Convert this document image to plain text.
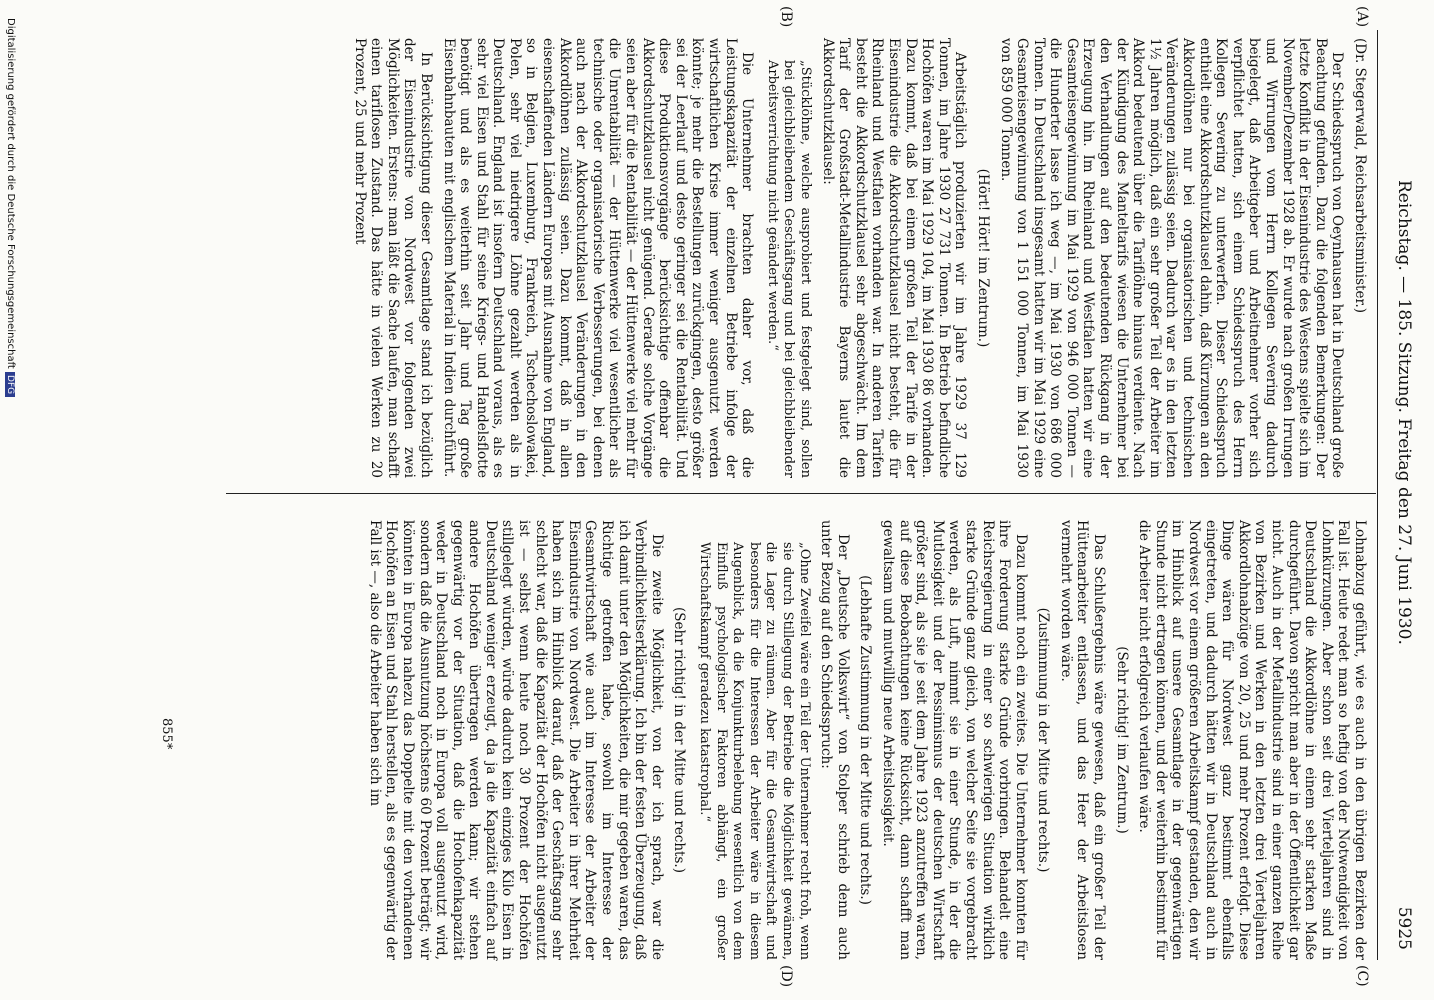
Reichstag. — 185. Sitzung. Freitag den 27. Juni 1930.
5925
(A)
(B)
(C)
(D)

(Dr. Stegerwald, Reichsarbeitsminister.)

Der Schiedsspruch von Oeynhausen hat in Deutschland große Beachtung gefunden. Dazu die folgenden Bemerkungen: Der letzte Konflikt in der Eisenindustrie des Westens spielte sich im November/Dezember 1928 ab. Er wurde nach großen Irrungen und Wirrungen vom Herrn Kollegen Severing dadurch beigelegt, daß Arbeitgeber und Arbeitnehmer vorher sich verpflichtet hatten, sich einem Schiedsspruch des Herrn Kollegen Severing zu unterwerfen. Dieser Schiedsspruch enthielt eine Akkordschutzklausel dahin, daß Kürzungen an den Akkordlöhnen nur bei organisatorischen und technischen Veränderungen zulässig seien. Dadurch war es in den letzten 1½ Jahren möglich, daß ein sehr großer Teil der Arbeiter im Akkord bedeutend über die Tariflöhne hinaus verdiente. Nach der Kündigung des Manteltarifs wiesen die Unternehmer bei den Verhandlungen auf den bedeutenden Rückgang in der Erzeugung hin. Im Rheinland und Westfalen hatten wir eine Gesamteisengewinnung im Mai 1929 von 946 000 Tonnen — die Hunderter lasse ich weg —, im Mai 1930 von 686 000 Tonnen. In Deutschland insgesamt hatten wir im Mai 1929 eine Gesamteisengewinnung von 1 151 000 Tonnen, im Mai 1930 von 859 000 Tonnen.

(Hört! Hört! im Zentrum.)

Arbeitstäglich produzierten wir im Jahre 1929 37 129 Tonnen, im Jahre 1930 27 731 Tonnen. In Betrieb befindliche Hochöfen waren im Mai 1929 104, im Mai 1930 86 vorhanden. Dazu kommt, daß bei einem großen Teil der Tarife in der Eisenindustrie die Akkordschutzklausel nicht besteht, die für Rheinland und Westfalen vorhanden war. In anderen Tarifen besteht die Akkordschutzklausel sehr abgeschwächt. Im dem Tarif der Großstadt-Metallindustrie Bayerns lautet die Akkordschutzklausel:

„Stücklöhne, welche ausprobiert und festgelegt sind, sollen bei gleichbleibendem Geschäftsgang und bei gleichbleibender Arbeitsverrichtung nicht geändert werden.“

Die Unternehmer brachten daher vor, daß die Leistungskapazität der einzelnen Betriebe infolge der wirtschaftlichen Krise immer weniger ausgenutzt werden könnte; je mehr die Bestellungen zurückgingen, desto größer sei der Leerlauf und desto geringer sei die Rentabilität. Und diese Produktionsvorgänge berücksichtige offenbar die Akkordschutzklausel nicht genügend. Gerade solche Vorgänge seien aber für die Rentabilität — der Hüttenwerke viel mehr für die Unrentabilität — der Hüttenwerke viel wesentlicher als technische oder organisatorische Verbesserungen, bei denen auch nach der Akkordschutzklausel Veränderungen in den Akkordlöhnen zulässig seien. Dazu kommt, daß in allen eisenschaffenden Ländern Europas mit Ausnahme von England, so in Belgien, Luxemburg, Frankreich, Tschechoslowakei, Polen, sehr viel niedrigere Löhne gezahlt werden als in Deutschland. England ist insofern Deutschland voraus, als es sehr viel Eisen und Stahl für seine Kriegs- und Handelsflotte benötigt und als es weiterhin seit Jahr und Tag große Eisenbahnbauten mit englischem Material in Indien durchführt.

In Berücksichtigung dieser Gesamtlage stand ich bezüglich der Eisenindustrie von Nordwest vor folgenden zwei Möglichkeiten. Erstens: man läßt die Sache laufen, man schafft einen tariflosen Zustand. Das hätte in vielen Werken zu 20 Prozent, 25 und mehr Prozent

Lohnabzug geführt, wie es auch in den übrigen Bezirken der Fall ist. Heute redet man so heftig von der Notwendigkeit von Lohnkürzungen. Aber schon seit drei Vierteljahren sind in Deutschland die Akkordlöhne in einem sehr starken Maße durchgeführt. Davon spricht man aber in der Öffentlichkeit gar nicht. Auch in der Metallindustrie sind in einer ganzen Reihe von Bezirken und Werken in den letzten drei Vierteljahren Akkordlohnabzüge von 20, 25 und mehr Prozent erfolgt. Diese Dinge wären für Nordwest ganz bestimmt ebenfalls eingetreten, und dadurch hätten wir in Deutschland auch in Nordwest vor einem größeren Arbeitskampf gestanden, den wir im Hinblick auf unsere Gesamtlage in der gegenwärtigen Stunde nicht ertragen können, und der weiterhin bestimmt für die Arbeiter nicht erfolgreich verlaufen wäre.

(Sehr richtig! im Zentrum.)

Das Schlußergebnis wäre gewesen, daß ein großer Teil der Hüttenarbeiter entlassen, und das Heer der Arbeitslosen vermehrt worden wäre.

(Zustimmung in der Mitte und rechts.)

Dazu kommt noch ein zweites. Die Unternehmer konnten für ihre Forderung starke Gründe vorbringen. Behandelt eine Reichsregierung in einer so schwierigen Situation wirklich starke Gründe ganz gleich, von welcher Seite sie vorgebracht werden, als Luft, nimmt sie in einer Stunde, in der die Mutlosigkeit und der Pessimismus der deutschen Wirtschaft größer sind, als sie je seit dem Jahre 1923 anzutreffen waren, auf diese Beobachtungen keine Rücksicht, dann schafft man gewaltsam und mutwillig neue Arbeitslosigkeit.

(Lebhafte Zustimmung in der Mitte und rechts.)

Der „Deutsche Volkswirt“ von Stolper schrieb denn auch unter Bezug auf den Schiedsspruch:

„Ohne Zweifel wäre ein Teil der Unternehmer recht froh, wenn sie durch Stillegung der Betriebe die Möglichkeit gewännen, die Lager zu räumen. Aber für die Gesamtwirtschaft und besonders für die Interessen der Arbeiter wäre in diesem Augenblick, da die Konjunkturbelebung wesentlich von dem Einfluß psychologischer Faktoren abhängt, ein großer Wirtschaftskampf geradezu katastrophal.“

(Sehr richtig! in der Mitte und rechts.)

Die zweite Möglichkeit, von der ich sprach, war die Verbindlichkeitserklärung. Ich bin der festen Überzeugung, daß ich damit unter den Möglichkeiten, die mir gegeben waren, das Richtige getroffen habe, sowohl im Interesse der Gesamtwirtschaft wie auch im Interesse der Arbeiter der Eisenindustrie von Nordwest. Die Arbeiter in ihrer Mehrheit haben sich im Hinblick darauf, daß der Geschäftsgang sehr schlecht war, daß die Kapazität der Hochöfen nicht ausgenutzt ist — selbst wenn heute noch 30 Prozent der Hochöfen stillgelegt würden, würde dadurch kein einziges Kilo Eisen in Deutschland weniger erzeugt, da ja die Kapazität einfach auf andere Hochöfen übertragen werden kann; wir stehen gegenwärtig vor der Situation, daß die Hochofenkapazität weder in Deutschland noch in Europa voll ausgenutzt wird, sondern daß die Ausnutzung höchstens 60 Prozent beträgt; wir könnten in Europa nahezu das Doppelte mit den vorhandenen Hochöfen an Eisen und Stahl herstellen, als es gegenwärtig der Fall ist —, also die Arbeiter haben sich im

855*
Digitalisierung gefördert durch die Deutsche Forschungsgemeinschaft DFG
